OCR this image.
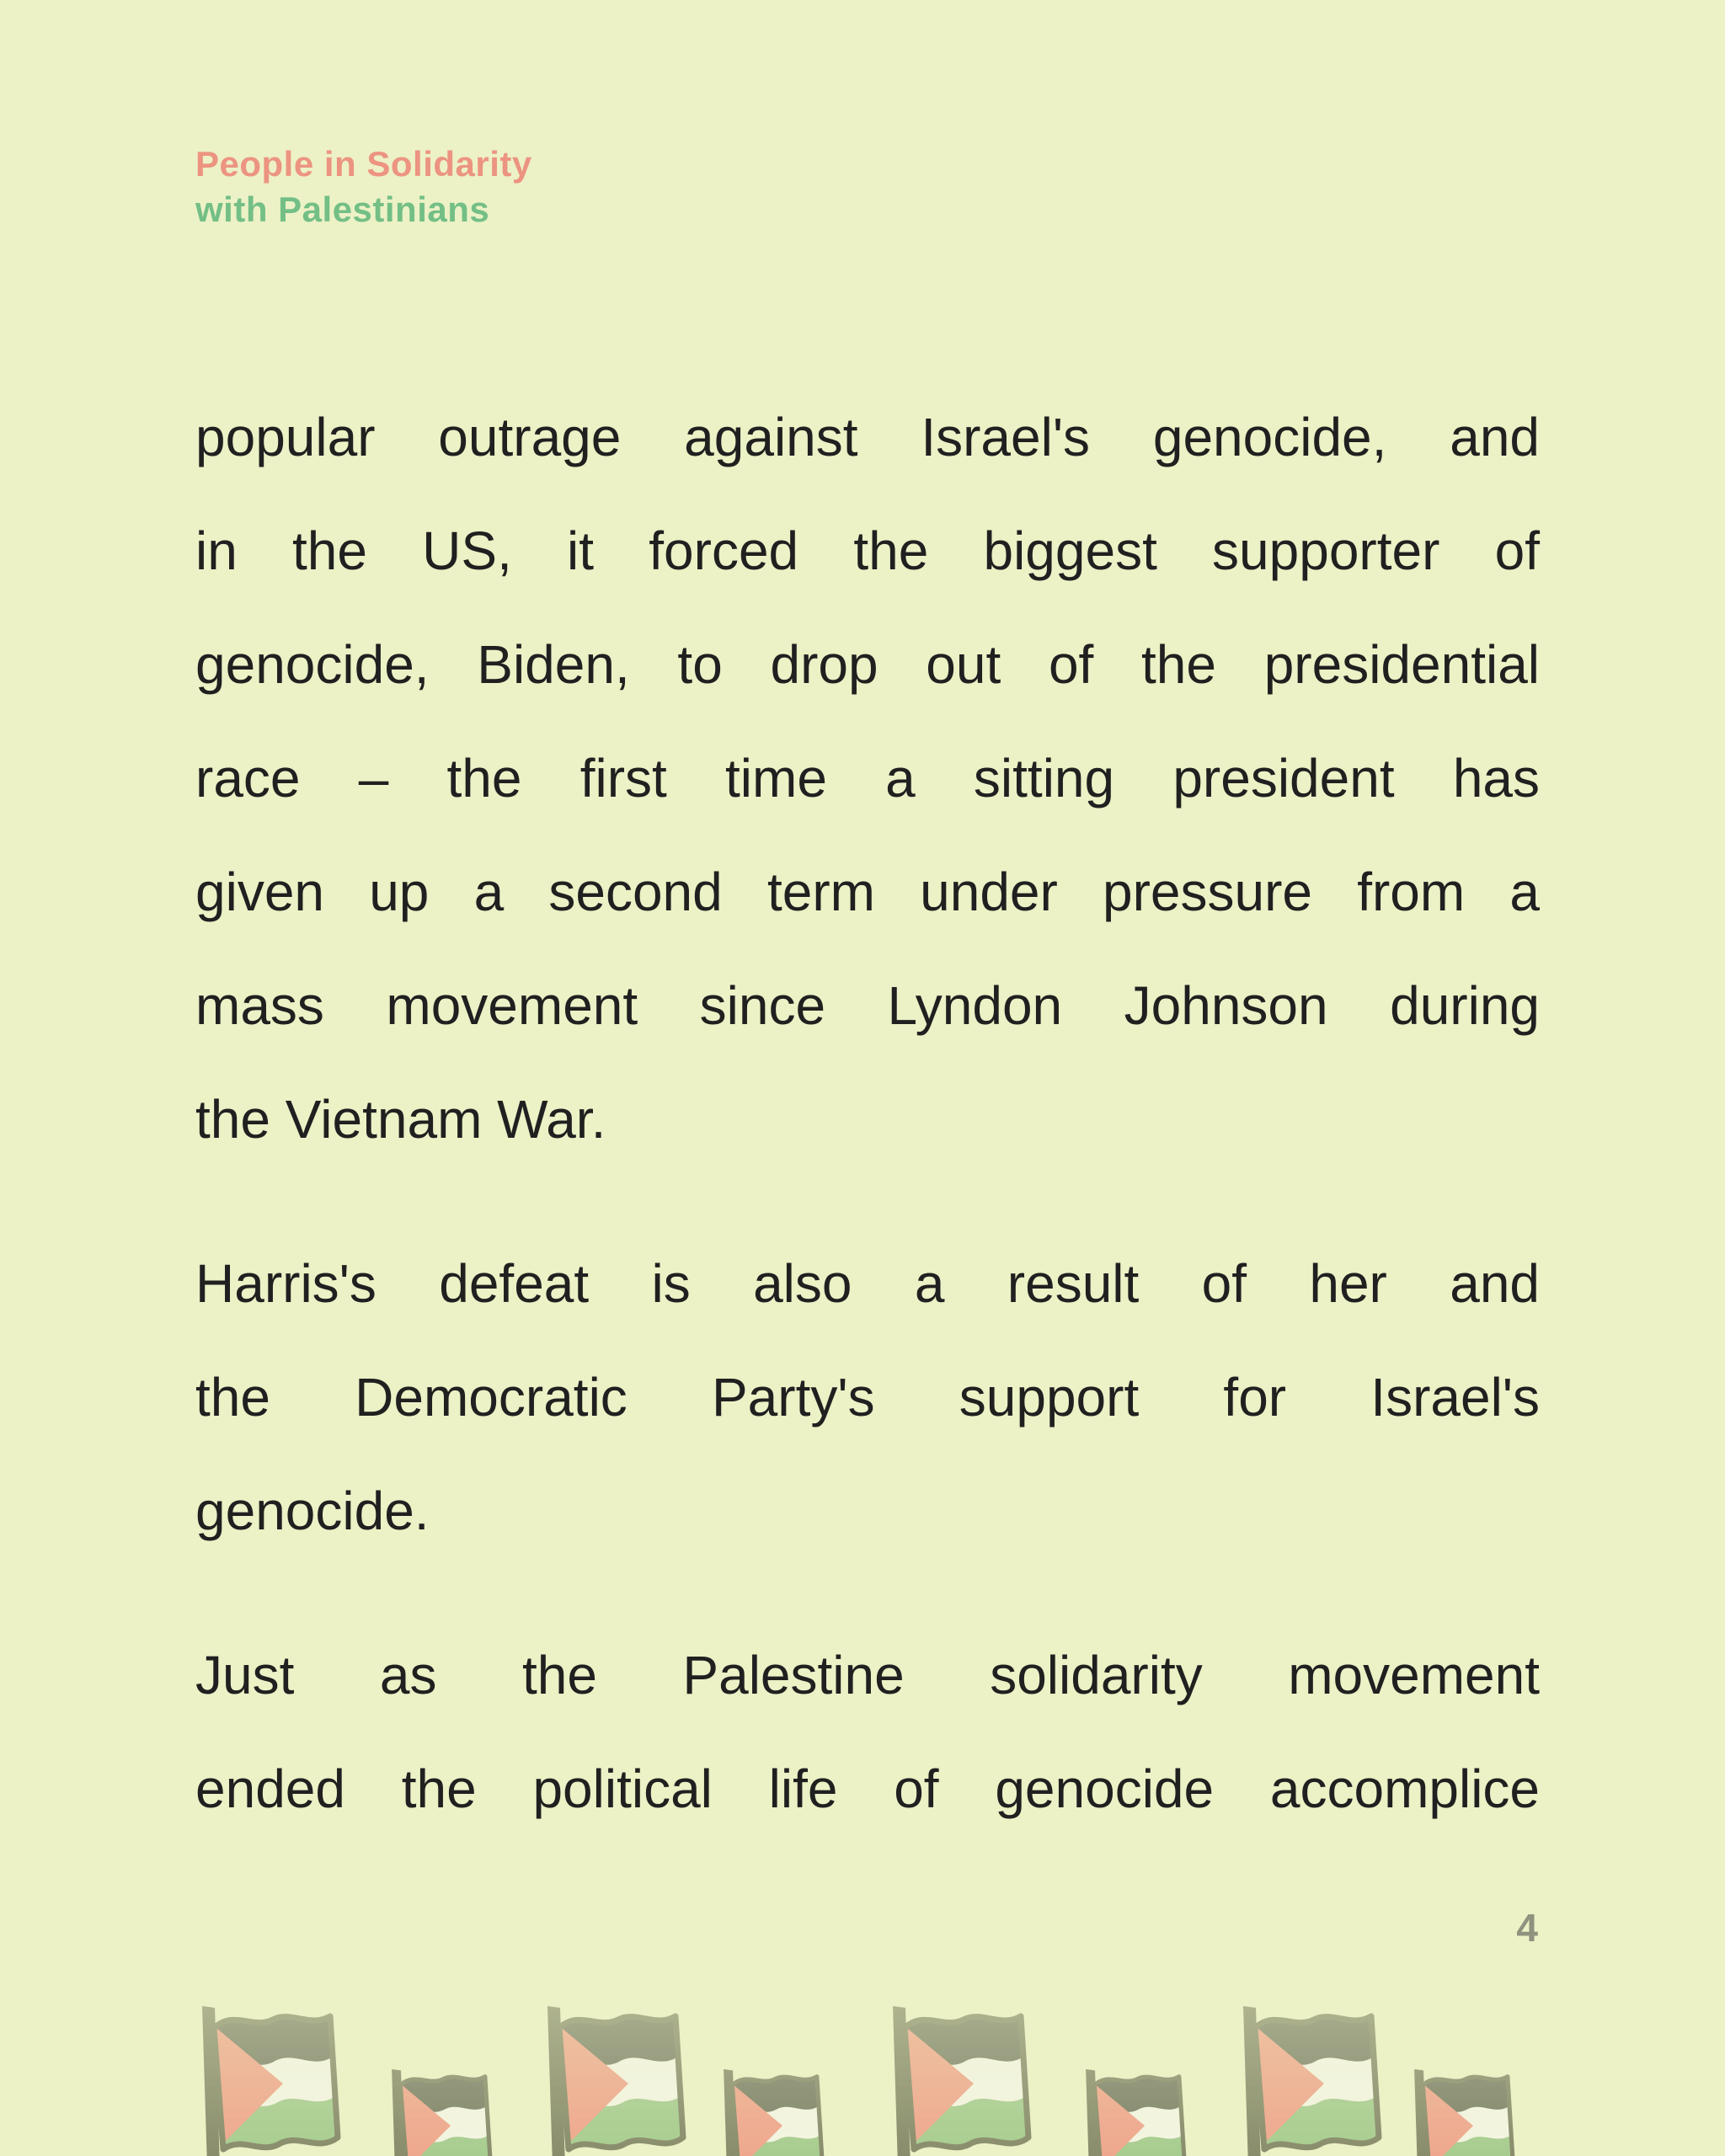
People in Solidarity
with Palestinians

popular outrage against Israel's genocide, and

in the US, it forced the biggest supporter of

genocide, Biden, to drop out of the presidential

race – the first time a sitting president has

given up a second term under pressure from a

mass movement since Lyndon Johnson during

the Vietnam War.

Harris's defeat is also a result of her and

the Democratic Party's support for Israel's

genocide.

Just as the Palestine solidarity movement

ended the political life of genocide accomplice

4
